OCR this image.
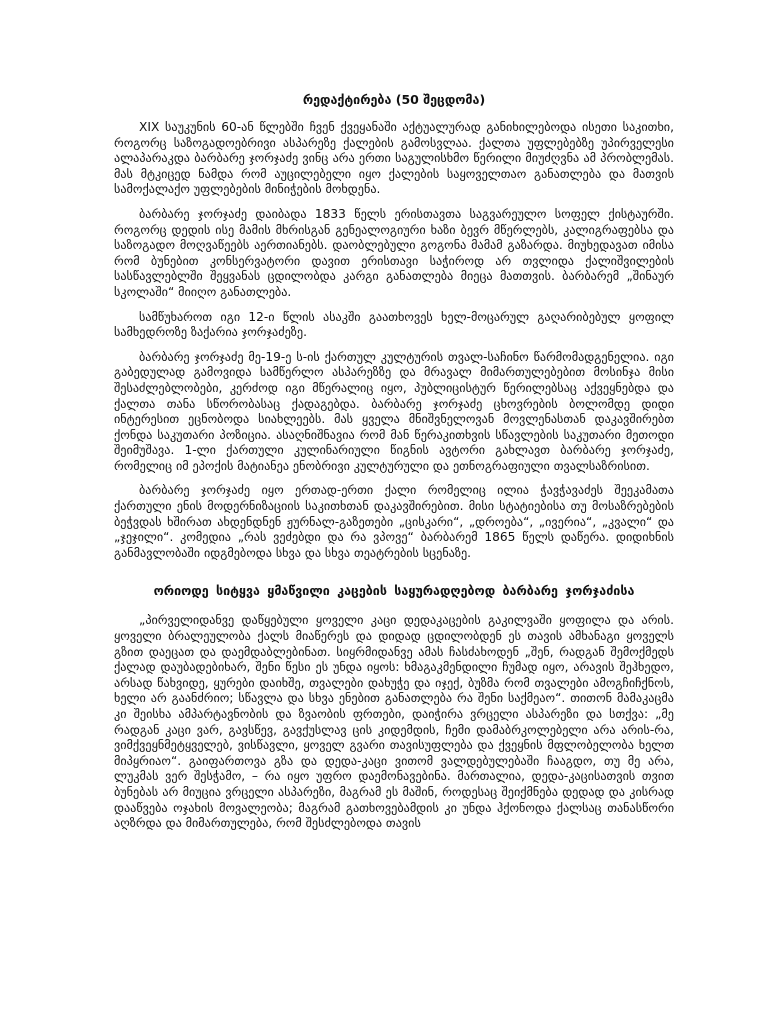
რედაქტირება (50 შეცდომა)

XIX საუკუნის 60-ან წლებში ჩვენ ქვეყანაში აქტუალურად განიხილებოდა ისეთი საკითხი, როგორც საზოგადოებრივი ასპარეზე ქალების გამოსვლაა. ქალთა უფლებებზე უპირველესი ალაპარაკდა ბარბარე ჯორჯაძე ვინც არა ერთი საგულისხმო წერილი მიუძღვნა ამ პრობლემას. მას მტკიცედ ნამდა რომ აუცილებელი იყო ქალების საყოველთაო განათლება და მათვის სამოქალაქო უფლებების მინიჭების მოხდენა.

ბარბარე ჯორჯაძე დაიბადა 1833 წელს ერისთავთა საგვარეულო სოფელ ქისტაურში. როგორც დედის ისე მამის მხრისგან გენეალოგიური ხაზი ბევრ მწერლებს, კალიგრაფებსა და საზოგადო მოღვაწეებს აერთიანებს. დაობლებული გოგონა მამამ გაზარდა. მიუხედავათ იმისა რომ ბუნებით კონსერვატორი დავით ერისთავი საჭიროდ არ თვლიდა ქალიშვილების სასწავლებლში შეყვანას ცდილობდა კარგი განათლება მიეცა მათთვის. ბარბარემ „შინაურ სკოლაში“ მიიღო განათლება.

სამწუხაროთ იგი 12-ი წლის ასაკში გაათხოვეს ხელ-მოცარულ გაღარიბებულ ყოფილ სამხედროზე ზაქარია ჯორჯაძეზე.

ბარბარე ჯორჯაძე მე-19-ე ს-ის ქართულ კულტურის თვალ-საჩინო წარმომადგენელია. იგი გაბედულად გამოვიდა სამწერლო ასპარეზზე და მრავალ მიმართულებებით მოსინჯა მისი შესაძლებლობები, კერძოდ იგი მწერალიც იყო, პუბლიცისტურ წერილებსაც აქვეყნებდა და ქალთა თანა სწორობასაც ქადაგებდა. ბარბარე ჯორჯაძე ცხოვრების ბოლომდე დიდი ინტერესით ეცნობოდა სიახლეებს. მას ყველა მნიშვნელოვან მოვლენასთან დაკავშირებთ ქონდა საკუთარი პოზიცია. ასაღნიშნავია რომ მან წერაკითხვის სწავლების საკუთარი მეთოდი შეიმუშავა. 1-ლი ქართული კულინარიული წიგნის ავტორი გახლავთ ბარბარე ჯორჯაძე, რომელიც იმ ეპოქის მატიანეა ენობრივი კულტურული და ეთნოგრაფიული თვალსაზრისით.

ბარბარე ჯორჯაძე იყო ერთად-ერთი ქალი რომელიც ილია ჭავჭავაძეს შეეკამათა ქართული ენის მოდერნიზაციის საკითხთან დაკავშირებით. მისი სტატიებისა თუ მოსაზრებების ბეჭვდას ხშირათ ახდენდნენ ჟურნალ-გაზეთები „ცისკარი“, „დროება“, „ივერია“, „კვალი“ და „ჯეჯილი“. კომედია „რას ვეძებდი და რა ვპოვე“ ბარბარემ 1865 წელს დაწერა. დიდიხნის განმავლობაში იდგმებოდა სხვა და სხვა თეატრების სცენაზე.

ორიოდე სიტყვა ყმაწვილი კაცების საყურადღებოდ ბარბარე ჯორჯაძისა

„პირველიდანვე დაწყებული ყოველი კაცი დედაკაცების გაკილვაში ყოფილა და არის. ყოველი ბრალეულობა ქალს მიაწერეს და დიდად ცდილობდენ ეს თავის ამხანაგი ყოველს გზით დაეცათ და დაემდაბლებინათ. სიყრმიდანვე ამას ჩასძახოდენ „შენ, რადგან შემოქმედს ქალად დაუბადებიხარ, შენი წესი ეს უნდა იყოს: ხმაგაკმენდილი ჩუმად იყო, არავის შეჰხედო, არსად წახვიდე, ყურები დაიხშე, თვალები დახუჭე და იჯექ, ბუზმა რომ თვალები ამოგჩიჩქნოს, ხელი არ გაანძრიო; სწავლა და სხვა ენებით განათლება რა შენი საქმეაო“. თითონ მამაკაცმა კი შეისხა ამპარტავნობის და ზვაობის ფრთები, დაიჭირა ვრცელი ასპარეზი და სთქვა: „მე რადგან კაცი ვარ, გავსწევ, გავქუსლავ ცის კიდემდის, ჩემი დამაბრკოლებელი არა არის-რა, ვიმქვეყნმეტყველებ, ვისწავლი, ყოველ გვარი თავისუფლება და ქვეყნის მფლობელობა ხელთ მიპყრიაო“. გაიფართოვა გზა და დედა-კაცი ვითომ ვალდებულებაში ჩააგდო, თუ მე არა, ლუკმას ვერ შესჭამო, – რა იყო უფრო დაემონავებინა. მართალია, დედა-კაცისათვის თვით ბუნებას არ მიუცია ვრცელი ასპარეზი, მაგრამ ეს მაშინ, როდესაც შეიქმნება დედად და კისრად დააწვება ოჯახის მოვალეობა; მაგრამ გათხოვებამდის კი უნდა ჰქონოდა ქალსაც თანასწორი აღზრდა და მიმართულება, რომ შესძლებოდა თავის
